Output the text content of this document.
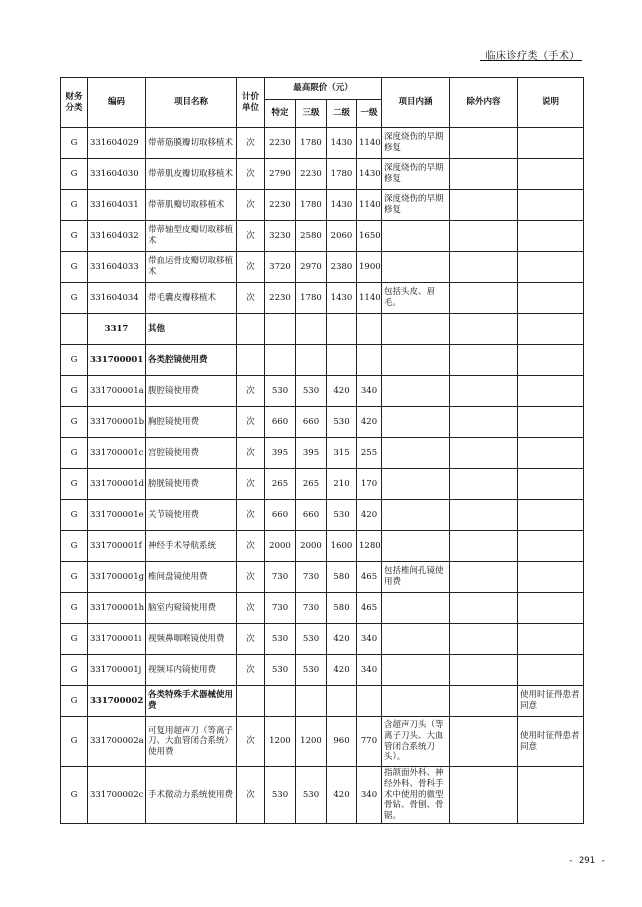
临床诊疗类（手术）
财务分类	编码	项目名称	计价单位	最高限价（元）				项目内涵	除外内容	说明
				特定	三级	二级	一级			
G	331604029	带蒂筋膜瓣切取移植术	次	2230	1780	1430	1140	深度烧伤的早期修复		
G	331604030	带蒂肌皮瓣切取移植术	次	2790	2230	1780	1430	深度烧伤的早期修复		
G	331604031	带蒂肌瓣切取移植术	次	2230	1780	1430	1140	深度烧伤的早期修复		
G	331604032	带蒂轴型皮瓣切取移植术	次	3230	2580	2060	1650			
G	331604033	带血运骨皮瓣切取移植术	次	3720	2970	2380	1900			
G	331604034	带毛囊皮瓣移植术	次	2230	1780	1430	1140	包括头皮、眉毛。		
	3317	其他								
G	331700001	各类腔镜使用费								
G	331700001a	腹腔镜使用费	次	530	530	420	340			
G	331700001b	胸腔镜使用费	次	660	660	530	420			
G	331700001c	宫腔镜使用费	次	395	395	315	255			
G	331700001d	膀胱镜使用费	次	265	265	210	170			
G	331700001e	关节镜使用费	次	660	660	530	420			
G	331700001f	神经手术导航系统	次	2000	2000	1600	1280			
G	331700001g	椎间盘镜使用费	次	730	730	580	465	包括椎间孔镜使用费		
G	331700001h	脑室内窥镜使用费	次	730	730	580	465			
G	331700001i	视频鼻咽喉镜使用费	次	530	530	420	340			
G	331700001j	视频耳内镜使用费	次	530	530	420	340			
G	331700002	各类特殊手术器械使用费								使用时征得患者同意
G	331700002a	可复用超声刀（等离子刀、大血管闭合系统）使用费	次	1200	1200	960	770	含超声刀头（等离子刀头、大血管闭合系统刀头）。		使用时征得患者同意
G	331700002c	手术微动力系统使用费	次	530	530	420	340	指颌面外科、神经外科、骨科手术中使用的微型骨钻、骨刨、骨锯。		
- 291 -
